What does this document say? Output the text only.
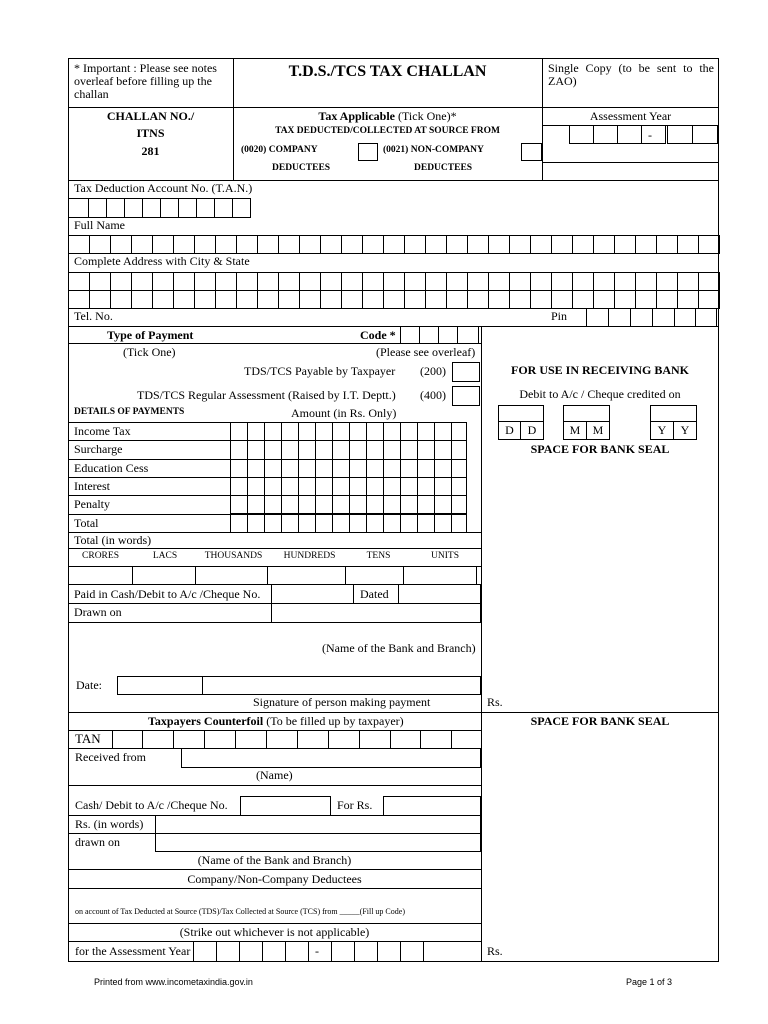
* Important : Please see notes overleaf before filling up the challan
T.D.S./TCS TAX CHALLAN	Single Copy (to be sent to the ZAO)
CHALLAN NO./
ITNS
281
Tax Applicable (Tick One)*
TAX DEDUCTED/COLLECTED AT SOURCE FROM
(0020) COMPANY
DEDUCTEES
(0021) NON-COMPANY
DEDUCTEES
Assessment Year
-
Tax Deduction Account No. (T.A.N.)
Full Name
Complete Address with City & State
Tel. No.	Pin
Type of Payment	Code *
(Tick One)	(Please see overleaf)
TDS/TCS Payable by Taxpayer (200)
TDS/TCS Regular Assessment (Raised by I.T. Deptt.) (400)
DETAILS OF PAYMENTS	Amount (in Rs. Only)
Income Tax
Surcharge
Education Cess
Interest
Penalty
Total
Total (in words)
CRORES	LACS	THOUSANDS	HUNDREDS	TENS	UNITS
Paid in Cash/Debit to A/c /Cheque No.	Dated
Drawn on
(Name of the Bank and Branch)
Date:
Signature of person making payment	Rs.
FOR USE IN RECEIVING BANK
Debit to A/c / Cheque credited on
D	D	M	M	Y	Y
SPACE FOR BANK SEAL
SPACE FOR BANK SEAL
Taxpayers Counterfoil (To be filled up by taxpayer)
TAN
Received from
(Name)
Cash/ Debit to A/c /Cheque No.	For Rs.
Rs. (in words)
drawn on
(Name of the Bank and Branch)
Company/Non-Company Deductees
on account of Tax Deducted at Source (TDS)/Tax Collected at Source (TCS) from _____(Fill up Code)
(Strike out whichever is not applicable)
for the Assessment Year	-	Rs.
Printed from www.incometaxindia.gov.in	Page 1 of 3
